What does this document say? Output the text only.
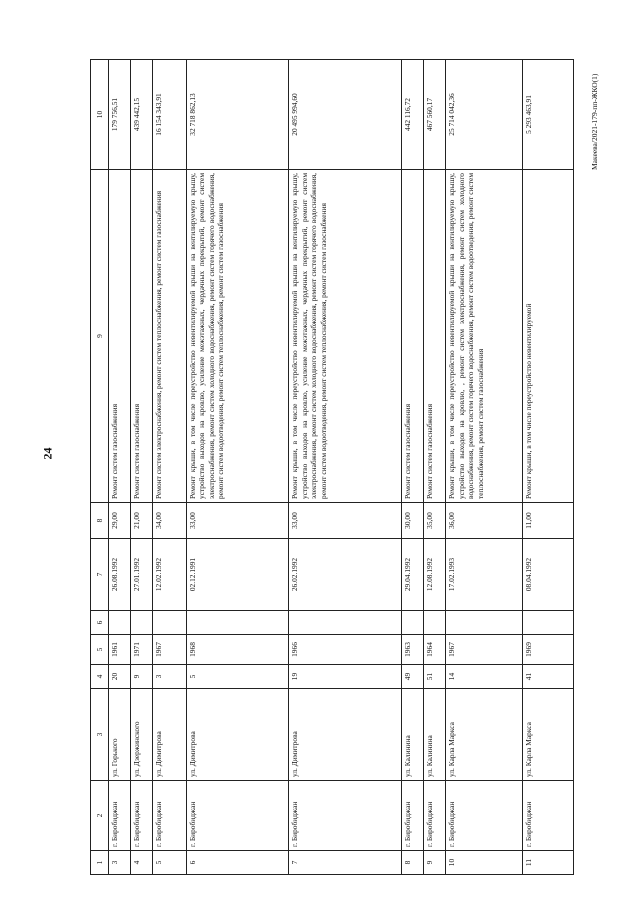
24
Макеева/2021-179-пп-ЖКО(1)
1	2	3	4	5	6	7	8	9	10
3	г. Биробиджан	ул. Горького	20	1961		26.08.1992	29,00	Ремонт систем газоснабжения	179 756,51
4	г. Биробиджан	ул. Дзержинского	9	1971		27.01.1992	21,00	Ремонт систем газоснабжения	439 442,15
5	г. Биробиджан	ул. Димитрова	3	1967		12.02.1992	34,00	Ремонт систем электроснабжения, ремонт систем теплоснабжения, ремонт систем газоснабжения	16 154 343,91
6	г. Биробиджан	ул. Димитрова	5	1968		02.12.1991	33,00	Ремонт крыши, в том числе переустройство невентилируемой крыши на вентилируемую крышу, устройство выходов на кровлю, усиление межэтажных, чердачных перекрытий, ремонт систем электроснабжения, ремонт систем холодного водоснабжения, ремонт систем горячего водоснабжения, ремонт систем водоотведения, ремонт систем теплоснабжения, ремонт систем газоснабжения	32 718 862,13
7	г. Биробиджан	ул. Димитрова	19	1966		26.02.1992	33,00	Ремонт крыши, в том числе переустройство невентилируемой крыши на вентилируемую крышу, устройство выходов на кровлю, усиление межэтажных, чердачных перекрытий, ремонт систем электроснабжения, ремонт систем холодного водоснабжения, ремонт систем горячего водоснабжения, ремонт систем водоотведения, ремонт систем теплоснабжения, ремонт систем газоснабжения	20 495 994,60
8	г. Биробиджан	ул. Калинина	49	1963		29.04.1992	30,00	Ремонт систем газоснабжения	442 116,72
9	г. Биробиджан	ул. Калинина	51	1964		12.08.1992	35,00	Ремонт систем газоснабжения	467 560,17
10	г. Биробиджан	ул. Карла Маркса	14	1967		17.02.1993	36,00	Ремонт крыши, в том числе переустройство невентилируемой крыши на вентилируемую крышу, устройство выходов на кровлю, , ремонт систем электроснабжения, ремонт систем холодного водоснабжения, ремонт систем горячего водоснабжения, ремонт систем водоотведения, ремонт систем теплоснабжения, ремонт систем газоснабжения	25 714 042,36
11	г. Биробиджан	ул. Карла Маркса	41	1969		08.04.1992	11,00	Ремонт крыши, в том числе переустройство невентилируемой	5 293 463,91
